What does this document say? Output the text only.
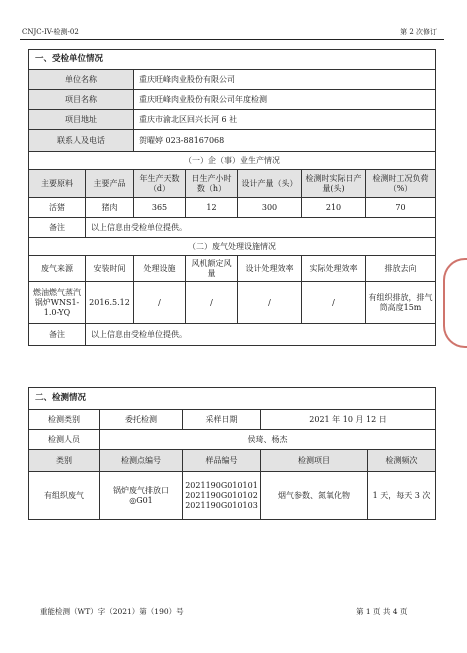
CNJC-IV-检测-02	第 2 次修订
一、受检单位情况						
单位名称		重庆旺峰肉业股份有限公司				
项目名称		重庆旺峰肉业股份有限公司年度检测				
项目地址		重庆市渝北区回兴长河 6 社				
联系人及电话		贺曜婷 023-88167068				
（一）企（事）业生产情况						
主要原料	主要产品	年生产天数（d）	日生产小时数（h）	设计产量（头）	检测时实际日产量(头)	检测时工况负荷（%）
活猪	猪肉	365	12	300	210	70
备注	以上信息由受检单位提供。					
（二）废气处理设施情况						
废气来源	安装时间	处理设施	风机额定风量	设计处理效率	实际处理效率	排放去向
燃油燃气蒸汽锅炉WNS1-1.0-YQ	2016.5.12	/	/	/	/	有组织排放，排气筒高度15m
备注	以上信息由受检单位提供。					
二、检测情况				
检测类别	委托检测	采样日期	2021 年 10 月 12 日	
检测人员	侯琦、杨杰			
类别	检测点编号	样品编号	检测项目	检测频次
有组织废气	锅炉废气排放口◎G01	2021190G010101
2021190G010102
2021190G010103	烟气参数、氮氧化物	1 天，每天 3 次
重能检测（WT）字（2021）第（190）号	第 1 页 共 4 页
